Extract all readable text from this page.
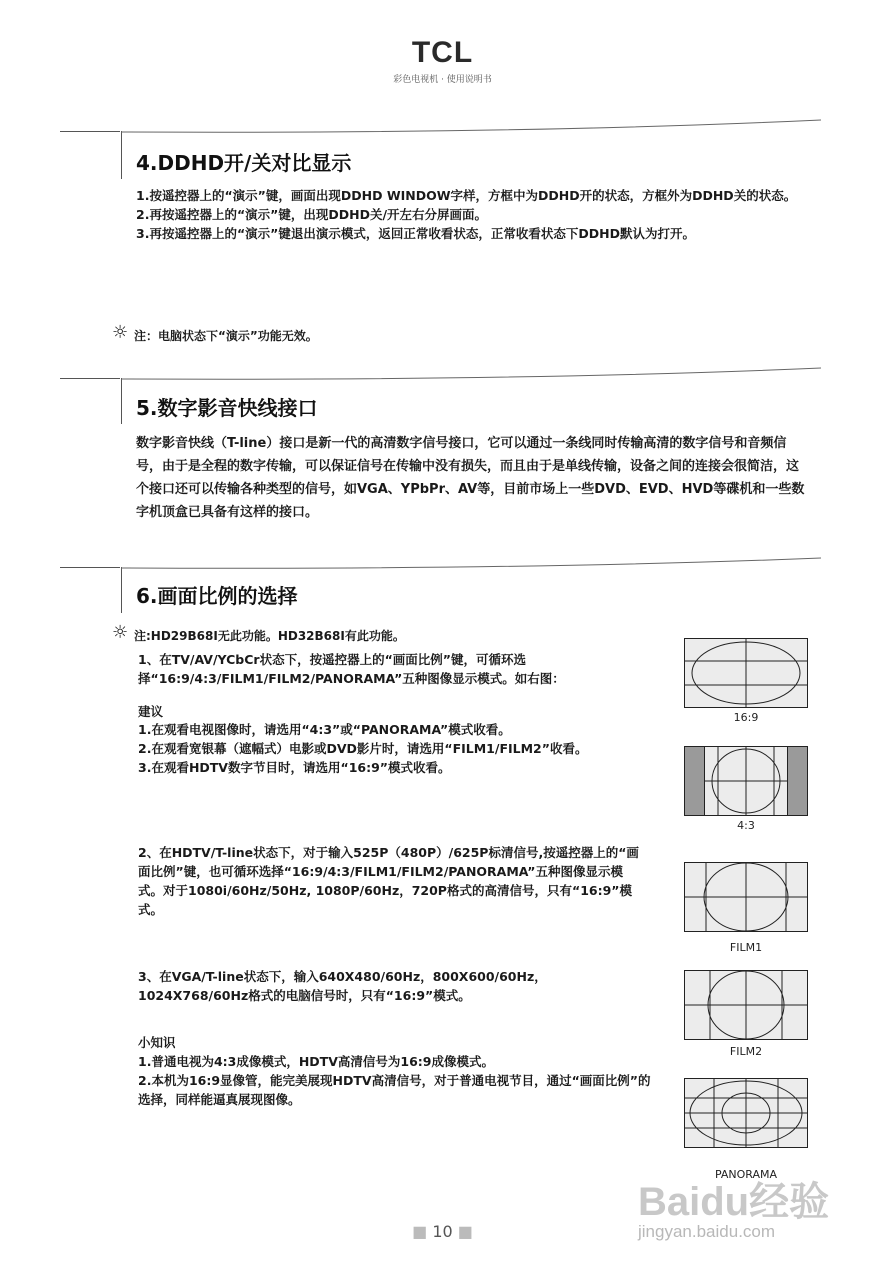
TCL
彩色电视机 · 使用说明书
4.DDHD开/关对比显示

1.按遥控器上的“演示”键，画面出现DDHD WINDOW字样，方框中为DDHD开的状态，方框外为DDHD关的状态。

2.再按遥控器上的“演示”键，出现DDHD关/开左右分屏画面。

3.再按遥控器上的“演示”键退出演示模式，返回正常收看状态，正常收看状态下DDHD默认为打开。

☼ 注：电脑状态下“演示”功能无效。
5.数字影音快线接口

数字影音快线（T-line）接口是新一代的高清数字信号接口，它可以通过一条线同时传输高清的数字信号和音频信号，由于是全程的数字传输，可以保证信号在传输中没有损失，而且由于是单线传输，设备之间的连接会很简洁，这个接口还可以传输各种类型的信号，如VGA、YPbPr、AV等，目前市场上一些DVD、EVD、HVD等碟机和一些数字机顶盒已具备有这样的接口。

6.画面比例的选择
☼ 注:HD29B68I无此功能。HD32B68I有此功能。

1、在TV/AV/YCbCr状态下，按遥控器上的“画面比例”键，可循环选择“16:9/4:3/FILM1/FILM2/PANORAMA”五种图像显示模式。如右图：

建议

1.在观看电视图像时，请选用“4:3”或“PANORAMA”模式收看。

2.在观看宽银幕（遮幅式）电影或DVD影片时，请选用“FILM1/FILM2”收看。

3.在观看HDTV数字节目时，请选用“16:9”模式收看。

2、在HDTV/T-line状态下，对于输入525P（480P）/625P标清信号,按遥控器上的“画面比例”键，也可循环选择“16:9/4:3/FILM1/FILM2/PANORAMA”五种图像显示模式。对于1080i/60Hz/50Hz, 1080P/60Hz，720P格式的高清信号，只有“16:9”模式。

3、在VGA/T-line状态下，输入640X480/60Hz，800X600/60Hz，1024X768/60Hz格式的电脑信号时，只有“16:9”模式。

小知识

1.普通电视为4:3成像模式，HDTV高清信号为16:9成像模式。

2.本机为16:9显像管，能完美展现HDTV高清信号，对于普通电视节目，通过“画面比例”的选择，同样能逼真展现图像。

16:9
4:3
FILM1
FILM2
PANORAMA
■ 10 ■
Baidu经验
jingyan.baidu.com
